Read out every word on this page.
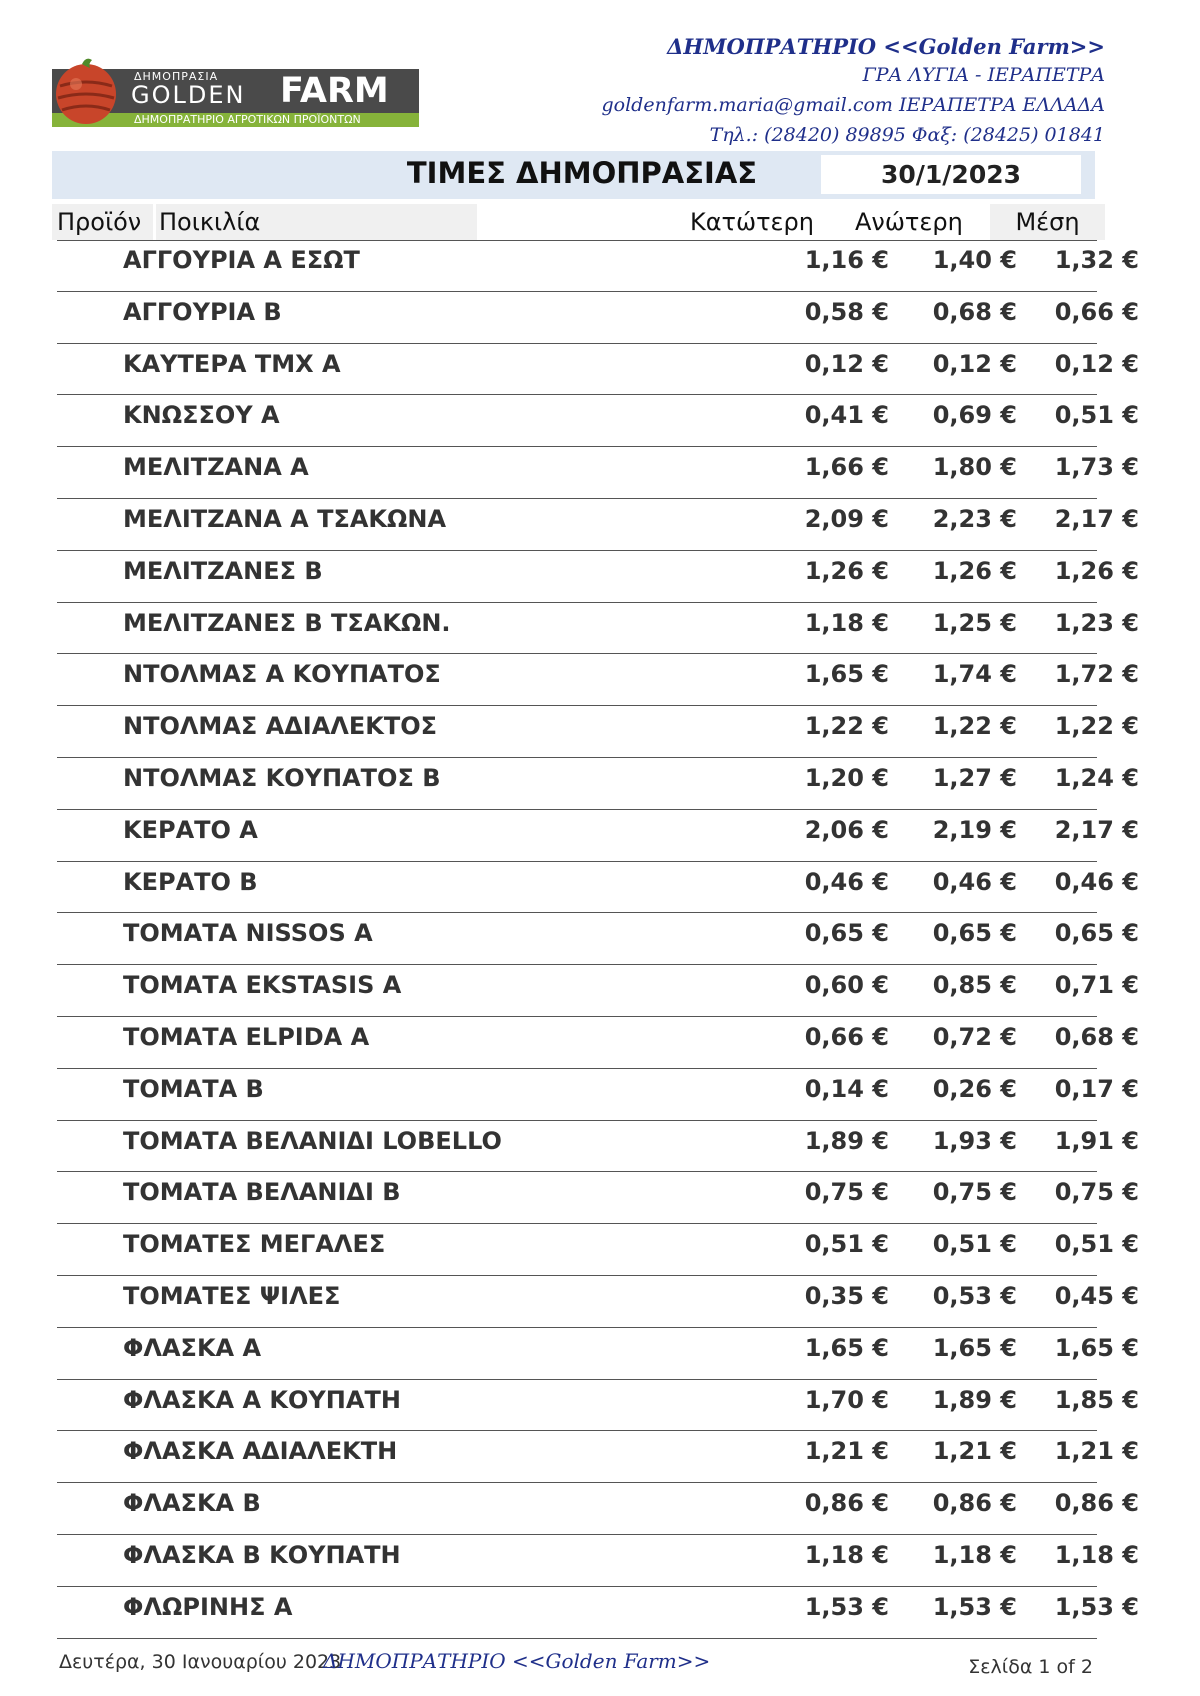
ΔΗΜΟΠΡΑΣΙΑ
GOLDEN FARM
ΔΗΜΟΠΡΑΤΗΡΙΟ ΑΓΡΟΤΙΚΩΝ ΠΡΟΪΟΝΤΩΝ
ΔΗΜΟΠΡΑΤΗΡΙΟ <<Golden Farm>>
ΓΡΑ ΛΥΓΙΑ - ΙΕΡΑΠΕΤΡΑ
goldenfarm.maria@gmail.com ΙΕΡΑΠΕΤΡΑ ΕΛΛΑΔΑ
Τηλ.: (28420) 89895 Φαξ: (28425) 01841
ΤΙΜΕΣ ΔΗΜΟΠΡΑΣΙΑΣ	30/1/2023
Προϊόν Ποικιλία	Κατώτερη	Ανώτερη	Μέση
ΑΓΓΟΥΡΙΑ Α ΕΣΩΤ	1,16 €	1,40 €	1,32 €
ΑΓΓΟΥΡΙΑ Β	0,58 €	0,68 €	0,66 €
ΚΑΥΤΕΡΑ ΤΜΧ Α	0,12 €	0,12 €	0,12 €
ΚΝΩΣΣΟΥ Α	0,41 €	0,69 €	0,51 €
ΜΕΛΙΤΖΑΝΑ Α	1,66 €	1,80 €	1,73 €
ΜΕΛΙΤΖΑΝΑ Α ΤΣΑΚΩΝΑ	2,09 €	2,23 €	2,17 €
ΜΕΛΙΤΖΑΝΕΣ Β	1,26 €	1,26 €	1,26 €
ΜΕΛΙΤΖΑΝΕΣ Β ΤΣΑΚΩΝ.	1,18 €	1,25 €	1,23 €
ΝΤΟΛΜΑΣ Α ΚΟΥΠΑΤΟΣ	1,65 €	1,74 €	1,72 €
ΝΤΟΛΜΑΣ ΑΔΙΑΛΕΚΤΟΣ	1,22 €	1,22 €	1,22 €
ΝΤΟΛΜΑΣ ΚΟΥΠΑΤΟΣ Β	1,20 €	1,27 €	1,24 €
ΚΕΡΑΤΟ Α	2,06 €	2,19 €	2,17 €
ΚΕΡΑΤΟ Β	0,46 €	0,46 €	0,46 €
ΤΟΜΑΤΑ NISSOS Α	0,65 €	0,65 €	0,65 €
ΤΟΜΑΤΑ EKSTASIS Α	0,60 €	0,85 €	0,71 €
ΤΟΜΑΤΑ ELPIDA Α	0,66 €	0,72 €	0,68 €
ΤΟΜΑΤΑ Β	0,14 €	0,26 €	0,17 €
ΤΟΜΑΤΑ ΒΕΛΑΝΙΔΙ LOBELLO	1,89 €	1,93 €	1,91 €
ΤΟΜΑΤΑ ΒΕΛΑΝΙΔΙ Β	0,75 €	0,75 €	0,75 €
ΤΟΜΑΤΕΣ ΜΕΓΑΛΕΣ	0,51 €	0,51 €	0,51 €
ΤΟΜΑΤΕΣ ΨΙΛΕΣ	0,35 €	0,53 €	0,45 €
ΦΛΑΣΚΑ Α	1,65 €	1,65 €	1,65 €
ΦΛΑΣΚΑ Α ΚΟΥΠΑΤΗ	1,70 €	1,89 €	1,85 €
ΦΛΑΣΚΑ ΑΔΙΑΛΕΚΤΗ	1,21 €	1,21 €	1,21 €
ΦΛΑΣΚΑ Β	0,86 €	0,86 €	0,86 €
ΦΛΑΣΚΑ Β ΚΟΥΠΑΤΗ	1,18 €	1,18 €	1,18 €
ΦΛΩΡΙΝΗΣ Α	1,53 €	1,53 €	1,53 €
Δευτέρα, 30 Ιανουαρίου 2023
ΔΗΜΟΠΡΑΤΗΡΙΟ <<Golden Farm>>	Σελίδα 1 of 2
